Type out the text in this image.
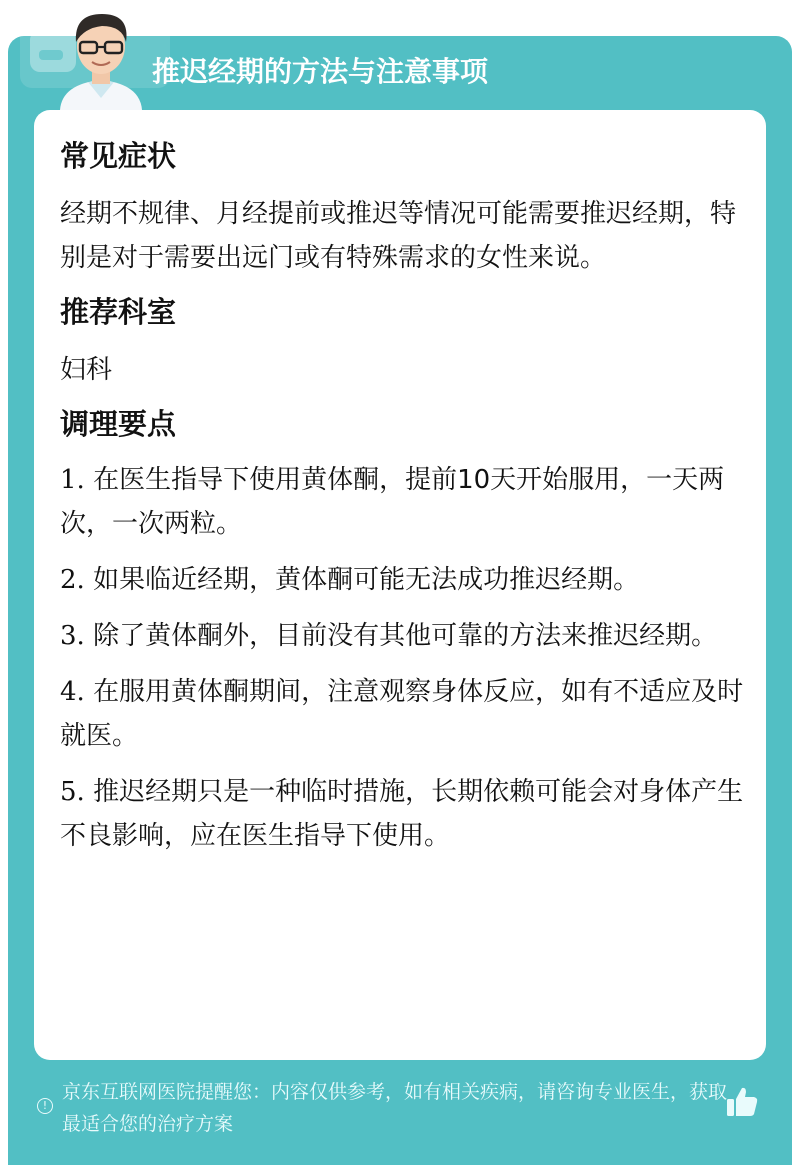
推迟经期的方法与注意事项
常见症状

经期不规律、月经提前或推迟等情况可能需要推迟经期，特别是对于需要出远门或有特殊需求的女性来说。

推荐科室

妇科

调理要点

1. 在医生指导下使用黄体酮，提前10天开始服用，一天两次，一次两粒。

2. 如果临近经期，黄体酮可能无法成功推迟经期。

3. 除了黄体酮外，目前没有其他可靠的方法来推迟经期。

4. 在服用黄体酮期间，注意观察身体反应，如有不适应及时就医。

5. 推迟经期只是一种临时措施，长期依赖可能会对身体产生不良影响，应在医生指导下使用。

!
京东互联网医院提醒您：内容仅供参考，如有相关疾病，请咨询专业医生，获取最适合您的治疗方案
